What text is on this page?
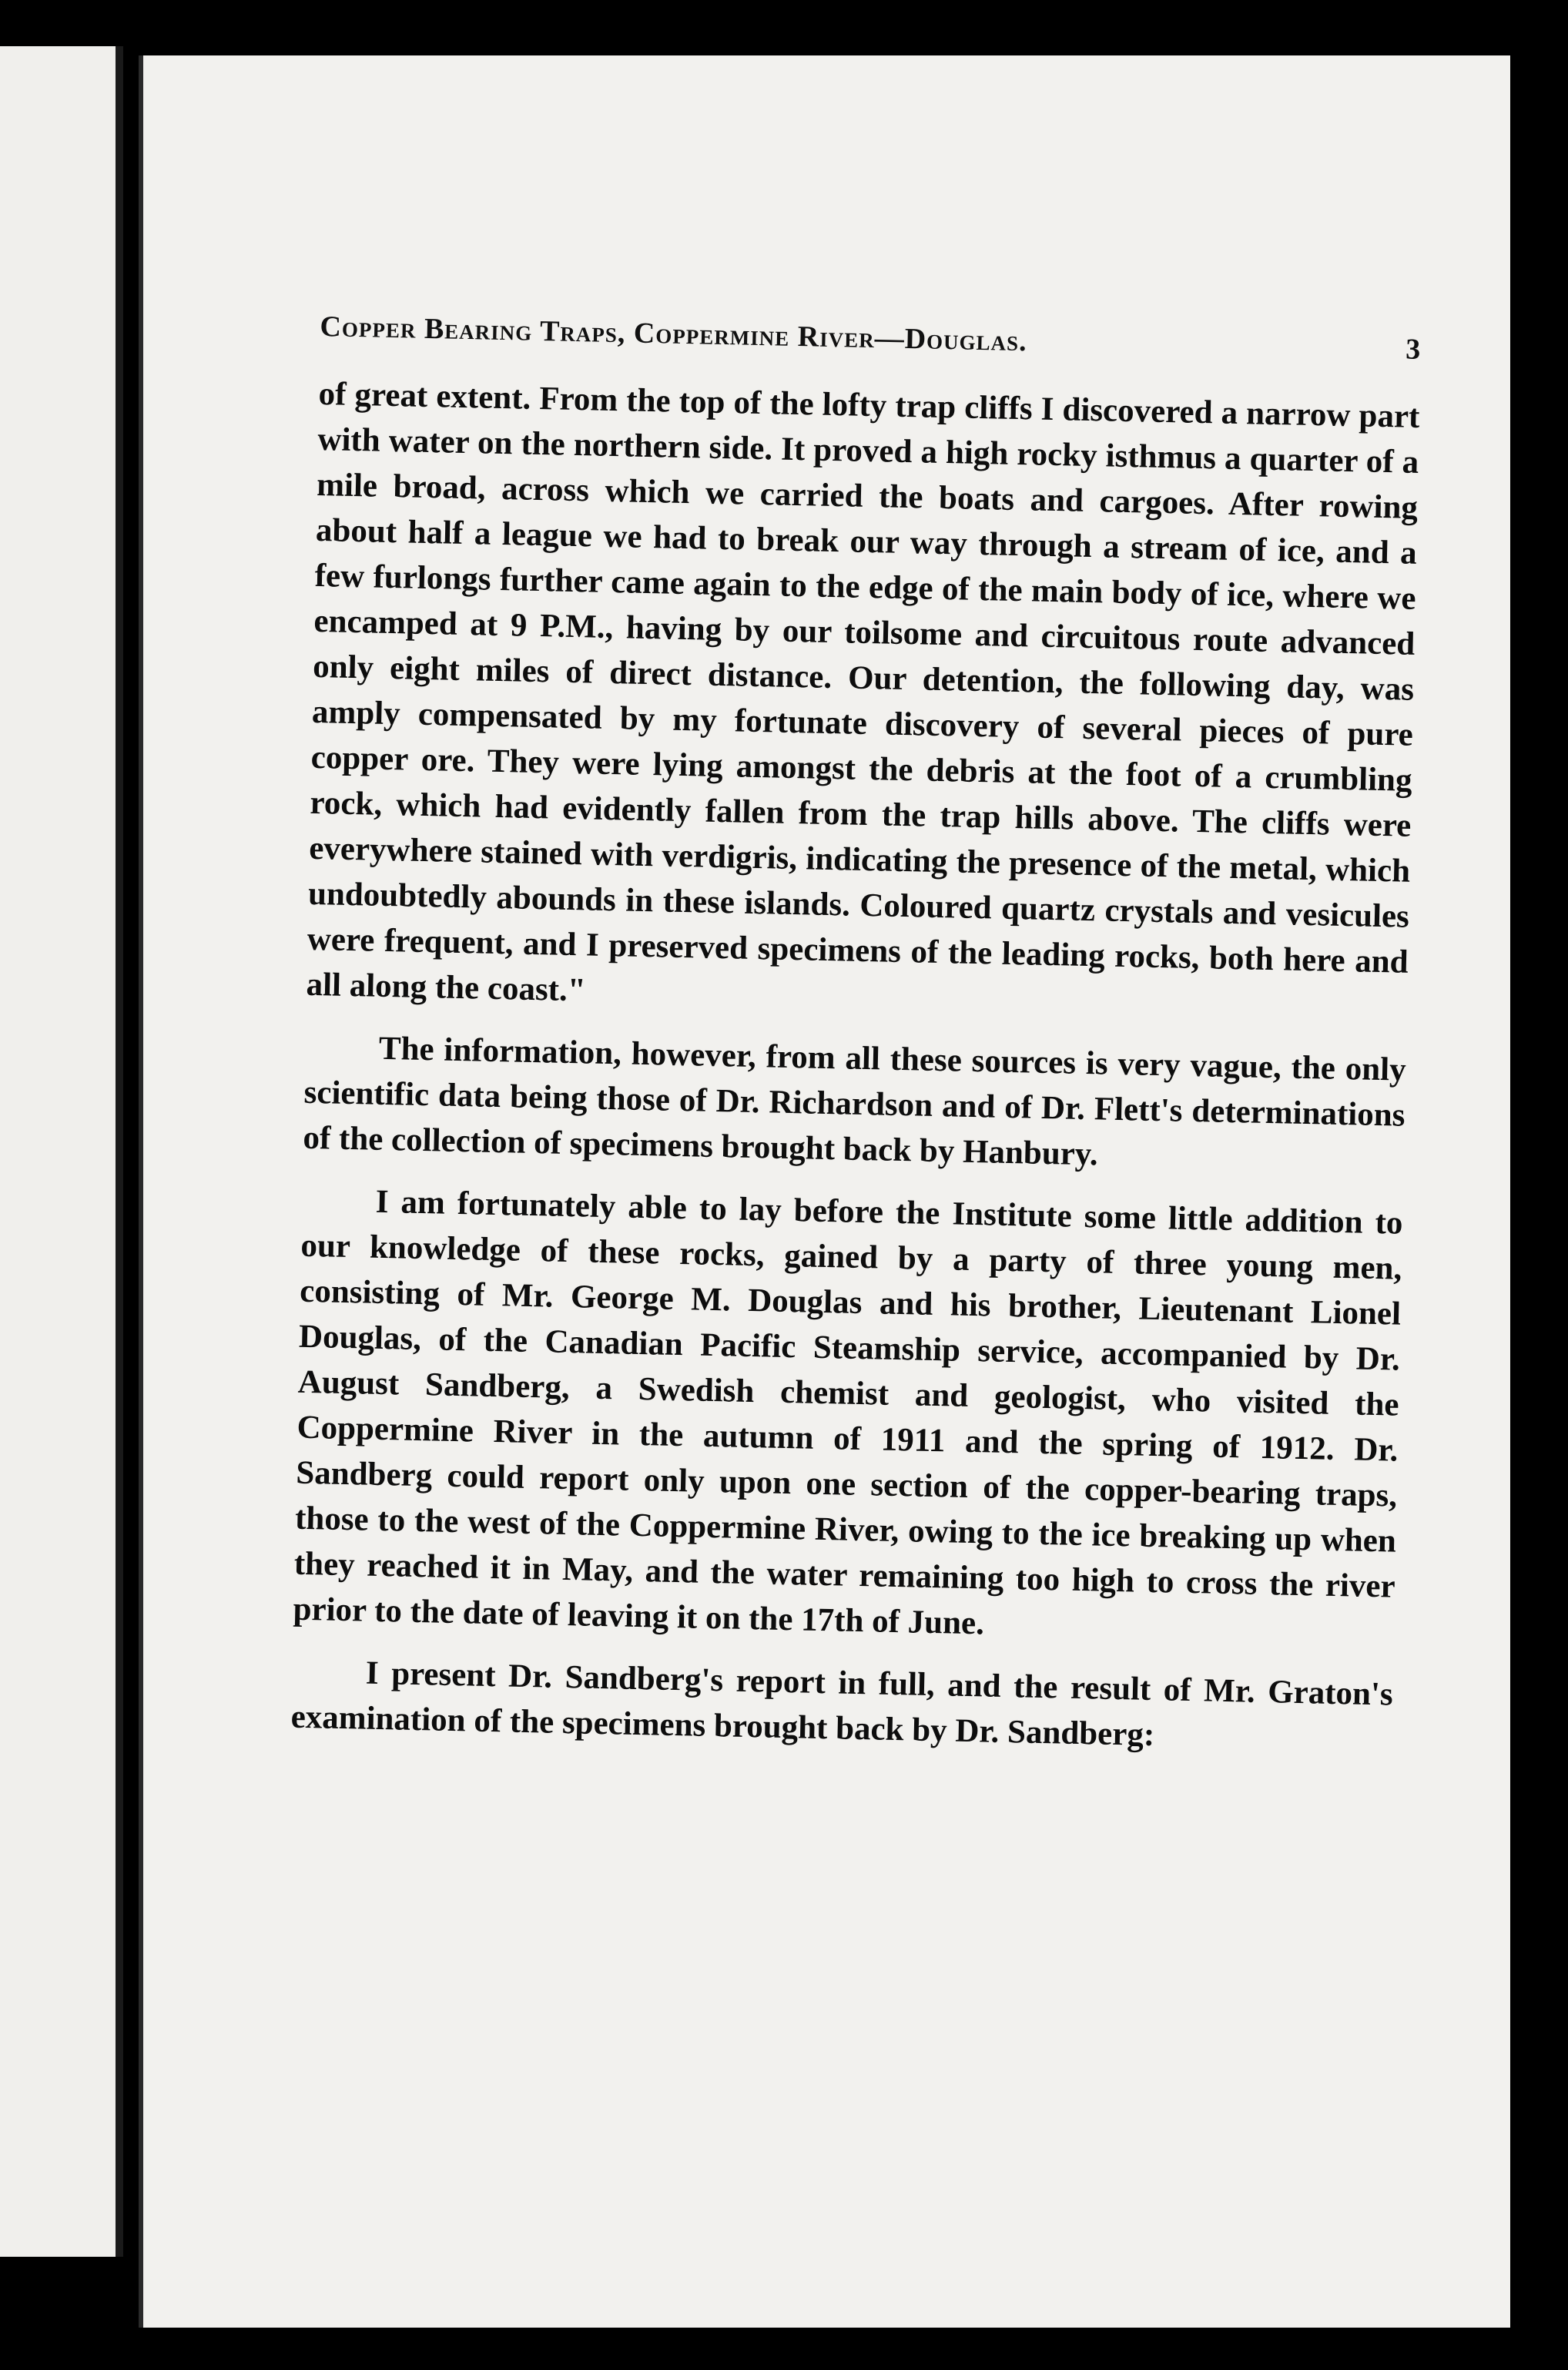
Copper Bearing Traps, Coppermine River—Douglas.	3

of great extent. From the top of the lofty trap cliffs I discovered a narrow part with water on the northern side. It proved a high rocky isthmus a quarter of a mile broad, across which we carried the boats and cargoes. After rowing about half a league we had to break our way through a stream of ice, and a few furlongs further came again to the edge of the main body of ice, where we encamped at 9 P.M., having by our toilsome and circuitous route advanced only eight miles of direct distance. Our detention, the following day, was amply compensated by my fortunate discovery of several pieces of pure copper ore. They were lying amongst the debris at the foot of a crumbling rock, which had evidently fallen from the trap hills above. The cliffs were everywhere stained with verdigris, indicating the presence of the metal, which undoubtedly abounds in these islands. Coloured quartz crystals and vesicules were frequent, and I preserved specimens of the leading rocks, both here and all along the coast."

The information, however, from all these sources is very vague, the only scientific data being those of Dr. Richardson and of Dr. Flett's determinations of the collection of specimens brought back by Hanbury.

I am fortunately able to lay before the Institute some little addition to our knowledge of these rocks, gained by a party of three young men, consisting of Mr. George M. Douglas and his brother, Lieutenant Lionel Douglas, of the Canadian Pacific Steamship service, accompanied by Dr. August Sandberg, a Swedish chemist and geologist, who visited the Coppermine River in the autumn of 1911 and the spring of 1912. Dr. Sandberg could report only upon one section of the copper-bearing traps, those to the west of the Coppermine River, owing to the ice breaking up when they reached it in May, and the water remaining too high to cross the river prior to the date of leaving it on the 17th of June.

I present Dr. Sandberg's report in full, and the result of Mr. Graton's examination of the specimens brought back by Dr. Sandberg:
